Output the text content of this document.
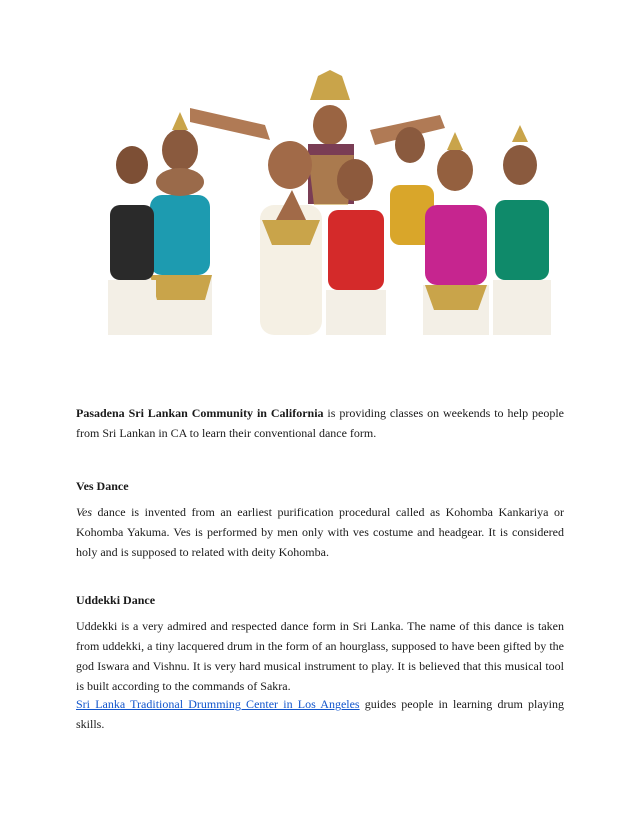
Pasadena Sri Lankan Community in California is providing classes on weekends to help people from Sri Lankan in CA to learn their conventional dance form.

Ves Dance

Ves dance is invented from an earliest purification procedural called as Kohomba Kankariya or Kohomba Yakuma. Ves is performed by men only with ves costume and headgear. It is considered holy and is supposed to related with deity Kohomba.

Uddekki Dance

Uddekki is a very admired and respected dance form in Sri Lanka. The name of this dance is taken from uddekki, a tiny lacquered drum in the form of an hourglass, supposed to have been gifted by the god Iswara and Vishnu. It is very hard musical instrument to play. It is believed that this musical tool is built according to the commands of Sakra.

Sri Lanka Traditional Drumming Center in Los Angeles guides people in learning drum playing skills.
